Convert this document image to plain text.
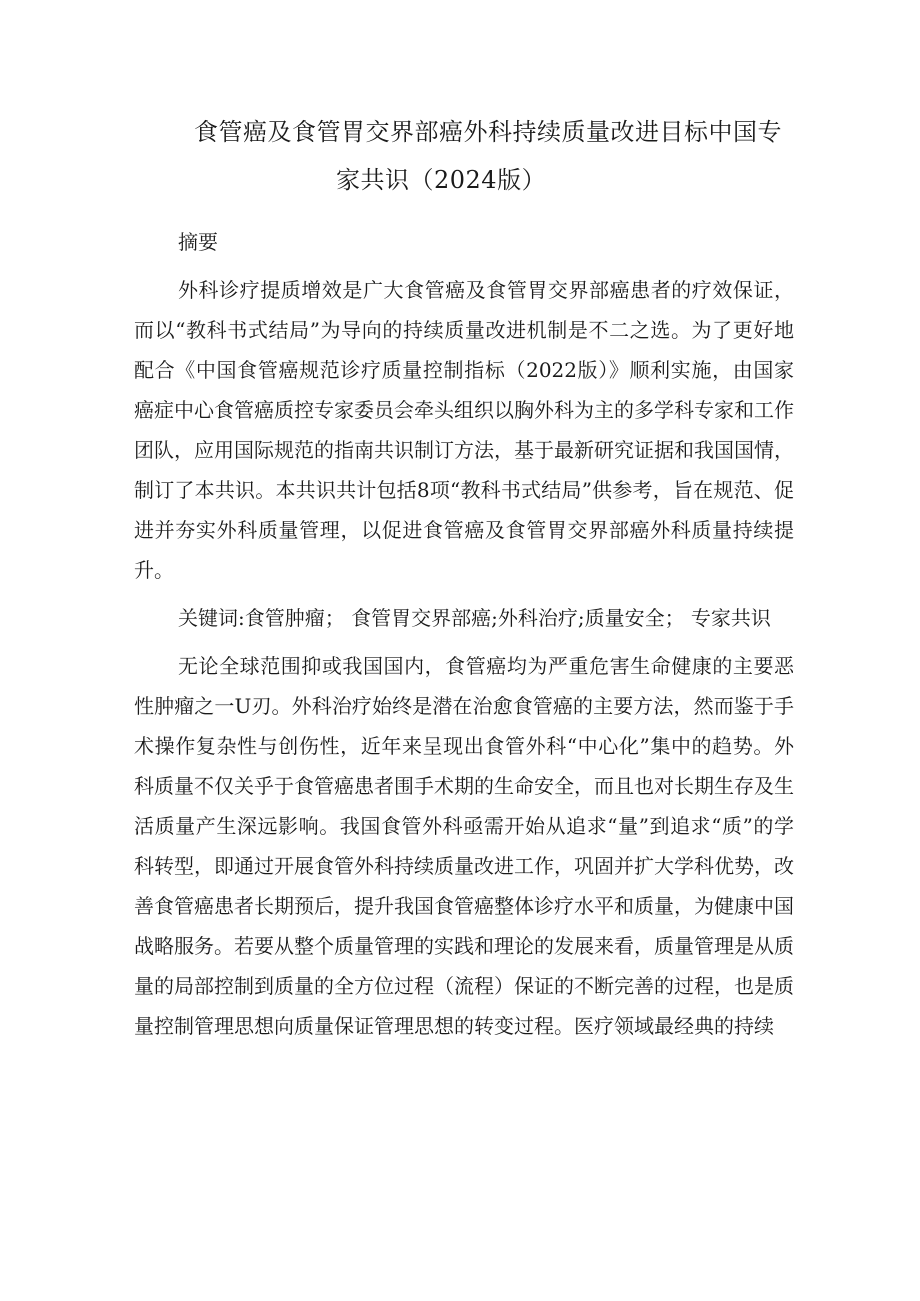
食管癌及食管胃交界部癌外科持续质量改进目标中国专
家共识（2024版）

摘要

外科诊疗提质增效是广大食管癌及食管胃交界部癌患者的疗效保证，而以“教科书式结局”为导向的持续质量改进机制是不二之选。为了更好地配合《中国食管癌规范诊疗质量控制指标（2022版）》顺利实施，由国家癌症中心食管癌质控专家委员会牵头组织以胸外科为主的多学科专家和工作团队，应用国际规范的指南共识制订方法，基于最新研究证据和我国国情，制订了本共识。本共识共计包括8项“教科书式结局”供参考，旨在规范、促进并夯实外科质量管理，以促进食管癌及食管胃交界部癌外科质量持续提升。

关键词:食管肿瘤； 食管胃交界部癌;外科治疗;质量安全； 专家共识

无论全球范围抑或我国国内，食管癌均为严重危害生命健康的主要恶性肿瘤之一U刃。外科治疗始终是潜在治愈食管癌的主要方法，然而鉴于手术操作复杂性与创伤性，近年来呈现出食管外科“中心化”集中的趋势。外科质量不仅关乎于食管癌患者围手术期的生命安全，而且也对长期生存及生活质量产生深远影响。我国食管外科亟需开始从追求“量”到追求“质”的学科转型，即通过开展食管外科持续质量改进工作，巩固并扩大学科优势，改善食管癌患者长期预后，提升我国食管癌整体诊疗水平和质量，为健康中国战略服务。若要从整个质量管理的实践和理论的发展来看，质量管理是从质量的局部控制到质量的全方位过程（流程）保证的不断完善的过程，也是质量控制管理思想向质量保证管理思想的转变过程。医疗领域最经典的持续
